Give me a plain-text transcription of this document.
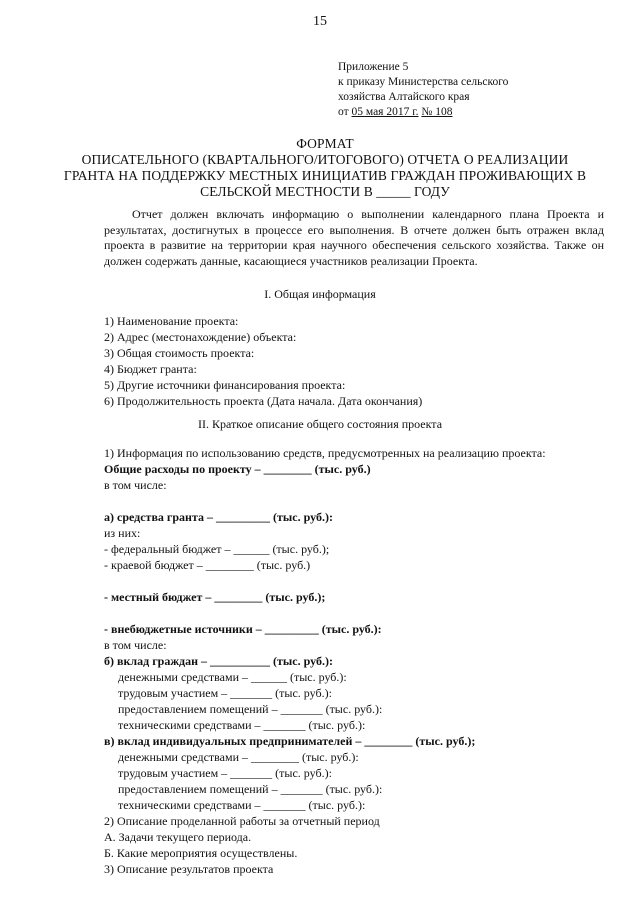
15
Приложение 5
к приказу Министерства сельского
хозяйства Алтайского края
от 05 мая 2017 г. № 108
ФОРМАТ
ОПИСАТЕЛЬНОГО (КВАРТАЛЬНОГО/ИТОГОВОГО) ОТЧЕТА О РЕАЛИЗАЦИИ
ГРАНТА НА ПОДДЕРЖКУ МЕСТНЫХ ИНИЦИАТИВ ГРАЖДАН ПРОЖИВАЮЩИХ В
СЕЛЬСКОЙ МЕСТНОСТИ В _____ ГОДУ

Отчет должен включать информацию о выполнении календарного плана Проекта и результатах, достигнутых в процессе его выполнения. В отчете должен быть отражен вклад проекта в развитие на территории края научного обеспечения сельского хозяйства. Также он должен содержать данные, касающиеся участников реализации Проекта.

I. Общая информация
1) Наименование проекта:
2) Адрес (местонахождение) объекта:
3) Общая стоимость проекта:
4) Бюджет гранта:
5) Другие источники финансирования проекта:
6) Продолжительность проекта (Дата начала. Дата окончания)
II. Краткое описание общего состояния проекта
1) Информация по использованию средств, предусмотренных на реализацию проекта:
Общие расходы по проекту – ________ (тыс. руб.)
в том числе:
а) средства гранта – _________ (тыс. руб.):
из них:
- федеральный бюджет – ______ (тыс. руб.);
- краевой бюджет – ________ (тыс. руб.)
- местный бюджет – ________ (тыс. руб.);
- внебюджетные источники – _________ (тыс. руб.):
в том числе:
б) вклад граждан – __________ (тыс. руб.):
денежными средствами – ______ (тыс. руб.):
трудовым участием – _______ (тыс. руб.):
предоставлением помещений – _______ (тыс. руб.):
техническими средствами – _______ (тыс. руб.):
в) вклад индивидуальных предпринимателей – ________ (тыс. руб.);
денежными средствами – ________ (тыс. руб.):
трудовым участием – _______ (тыс. руб.):
предоставлением помещений – _______ (тыс. руб.):
техническими средствами – _______ (тыс. руб.):
2) Описание проделанной работы за отчетный период
А. Задачи текущего периода.
Б. Какие мероприятия осуществлены.
3) Описание результатов проекта
